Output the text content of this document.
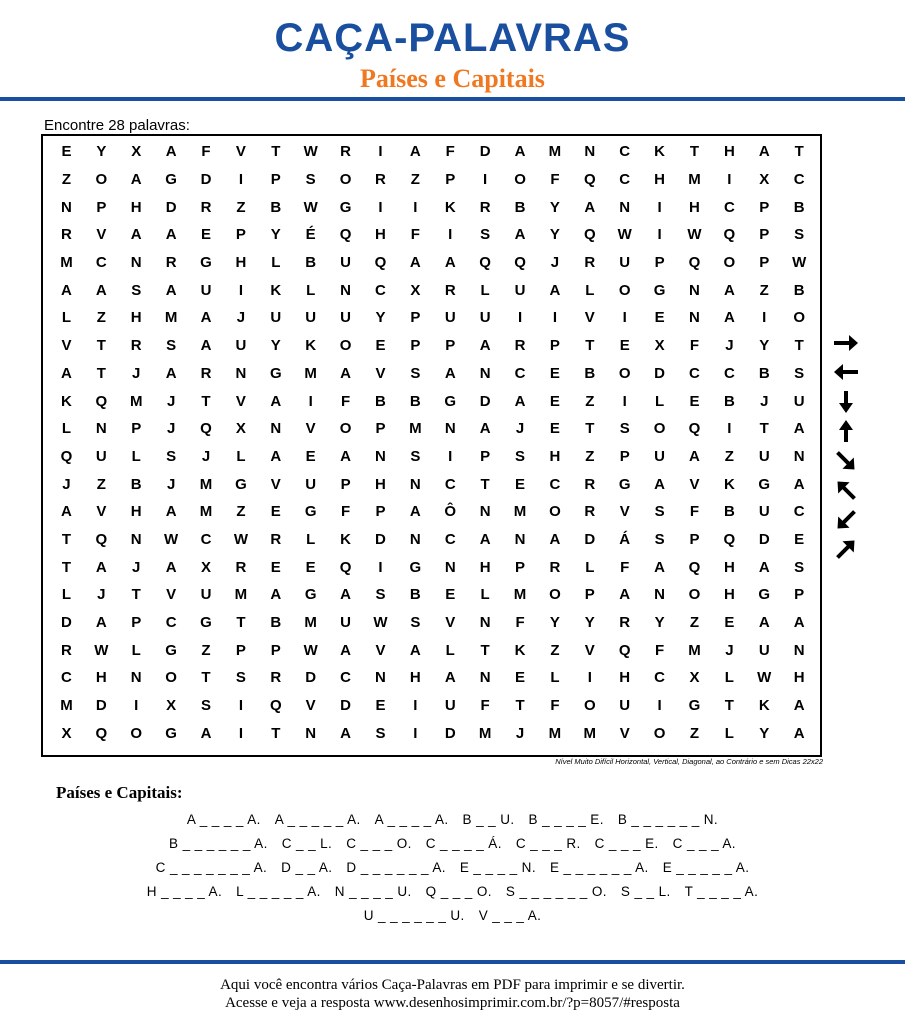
CAÇA-PALAVRAS
Países e Capitais
Encontre 28 palavras:
E	Y	X	A	F	V	T	W	R	I	A	F	D	A	M	N	C	K	T	H	A	T
Z	O	A	G	D	I	P	S	O	R	Z	P	I	O	F	Q	C	H	M	I	X	C
N	P	H	D	R	Z	B	W	G	I	I	K	R	B	Y	A	N	I	H	C	P	B
R	V	A	A	E	P	Y	É	Q	H	F	I	S	A	Y	Q	W	I	W	Q	P	S
M	C	N	R	G	H	L	B	U	Q	A	A	Q	Q	J	R	U	P	Q	O	P	W
A	A	S	A	U	I	K	L	N	C	X	R	L	U	A	L	O	G	N	A	Z	B
L	Z	H	M	A	J	U	U	U	Y	P	U	U	I	I	V	I	E	N	A	I	O
V	T	R	S	A	U	Y	K	O	E	P	P	A	R	P	T	E	X	F	J	Y	T
A	T	J	A	R	N	G	M	A	V	S	A	N	C	E	B	O	D	C	C	B	S
K	Q	M	J	T	V	A	I	F	B	B	G	D	A	E	Z	I	L	E	B	J	U
L	N	P	J	Q	X	N	V	O	P	M	N	A	J	E	T	S	O	Q	I	T	A
Q	U	L	S	J	L	A	E	A	N	S	I	P	S	H	Z	P	U	A	Z	U	N
J	Z	B	J	M	G	V	U	P	H	N	C	T	E	C	R	G	A	V	K	G	A
A	V	H	A	M	Z	E	G	F	P	A	Ô	N	M	O	R	V	S	F	B	U	C
T	Q	N	W	C	W	R	L	K	D	N	C	A	N	A	D	Á	S	P	Q	D	E
T	A	J	A	X	R	E	E	Q	I	G	N	H	P	R	L	F	A	Q	H	A	S
L	J	T	V	U	M	A	G	A	S	B	E	L	M	O	P	A	N	O	H	G	P
D	A	P	C	G	T	B	M	U	W	S	V	N	F	Y	Y	R	Y	Z	E	A	A
R	W	L	G	Z	P	P	W	A	V	A	L	T	K	Z	V	Q	F	M	J	U	N
C	H	N	O	T	S	R	D	C	N	H	A	N	E	L	I	H	C	X	L	W	H
M	D	I	X	S	I	Q	V	D	E	I	U	F	T	F	O	U	I	G	T	K	A
X	Q	O	G	A	I	T	N	A	S	I	D	M	J	M	M	V	O	Z	L	Y	A
Nível Muito Difícil Horizontal, Vertical, Diagonal, ao Contrário e sem Dicas 22x22
Países e Capitais:
A _ _ _ _ A. A _ _ _ _ _ A. A _ _ _ _ A. B _ _ U. B _ _ _ _ E. B _ _ _ _ _ _ N.
B _ _ _ _ _ _ A. C _ _ L. C _ _ _ O. C _ _ _ _ Á. C _ _ _ R. C _ _ _ E. C _ _ _ A.
C _ _ _ _ _ _ _ A. D _ _ A. D _ _ _ _ _ _ A. E _ _ _ _ N. E _ _ _ _ _ _ A. E _ _ _ _ _ A.
H _ _ _ _ A. L _ _ _ _ _ A. N _ _ _ _ U. Q _ _ _ O. S _ _ _ _ _ _ O. S _ _ L. T _ _ _ _ A.
U _ _ _ _ _ _ U. V _ _ _ A.
Aqui você encontra vários Caça-Palavras em PDF para imprimir e se divertir.
Acesse e veja a resposta www.desenhosimprimir.com.br/?p=8057/#resposta
